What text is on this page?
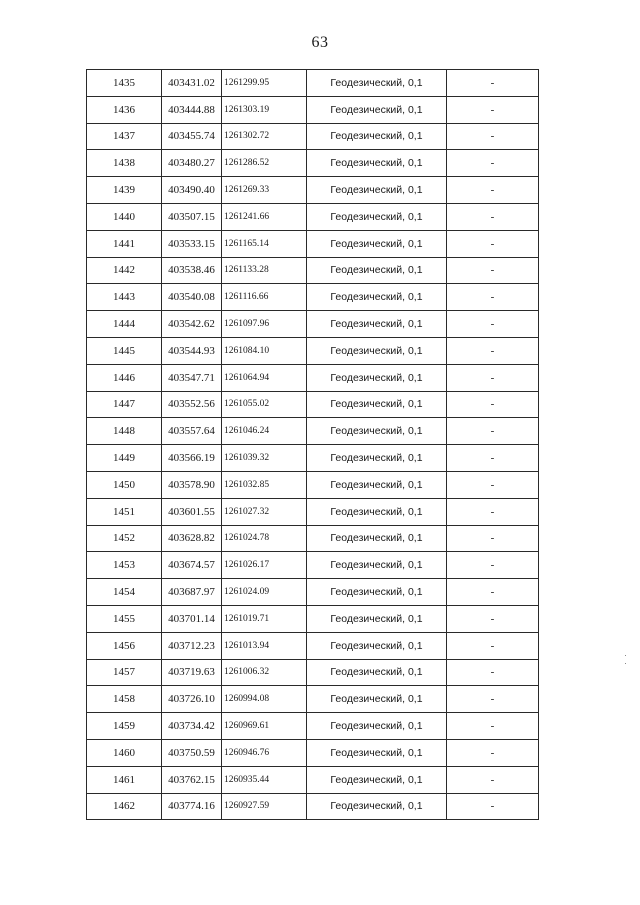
63
1435	403431.02	1261299.95	Геодезический, 0,1	-
1436	403444.88	1261303.19	Геодезический, 0,1	-
1437	403455.74	1261302.72	Геодезический, 0,1	-
1438	403480.27	1261286.52	Геодезический, 0,1	-
1439	403490.40	1261269.33	Геодезический, 0,1	-
1440	403507.15	1261241.66	Геодезический, 0,1	-
1441	403533.15	1261165.14	Геодезический, 0,1	-
1442	403538.46	1261133.28	Геодезический, 0,1	-
1443	403540.08	1261116.66	Геодезический, 0,1	-
1444	403542.62	1261097.96	Геодезический, 0,1	-
1445	403544.93	1261084.10	Геодезический, 0,1	-
1446	403547.71	1261064.94	Геодезический, 0,1	-
1447	403552.56	1261055.02	Геодезический, 0,1	-
1448	403557.64	1261046.24	Геодезический, 0,1	-
1449	403566.19	1261039.32	Геодезический, 0,1	-
1450	403578.90	1261032.85	Геодезический, 0,1	-
1451	403601.55	1261027.32	Геодезический, 0,1	-
1452	403628.82	1261024.78	Геодезический, 0,1	-
1453	403674.57	1261026.17	Геодезический, 0,1	-
1454	403687.97	1261024.09	Геодезический, 0,1	-
1455	403701.14	1261019.71	Геодезический, 0,1	-
1456	403712.23	1261013.94	Геодезический, 0,1	-
1457	403719.63	1261006.32	Геодезический, 0,1	-
1458	403726.10	1260994.08	Геодезический, 0,1	-
1459	403734.42	1260969.61	Геодезический, 0,1	-
1460	403750.59	1260946.76	Геодезический, 0,1	-
1461	403762.15	1260935.44	Геодезический, 0,1	-
1462	403774.16	1260927.59	Геодезический, 0,1	-
